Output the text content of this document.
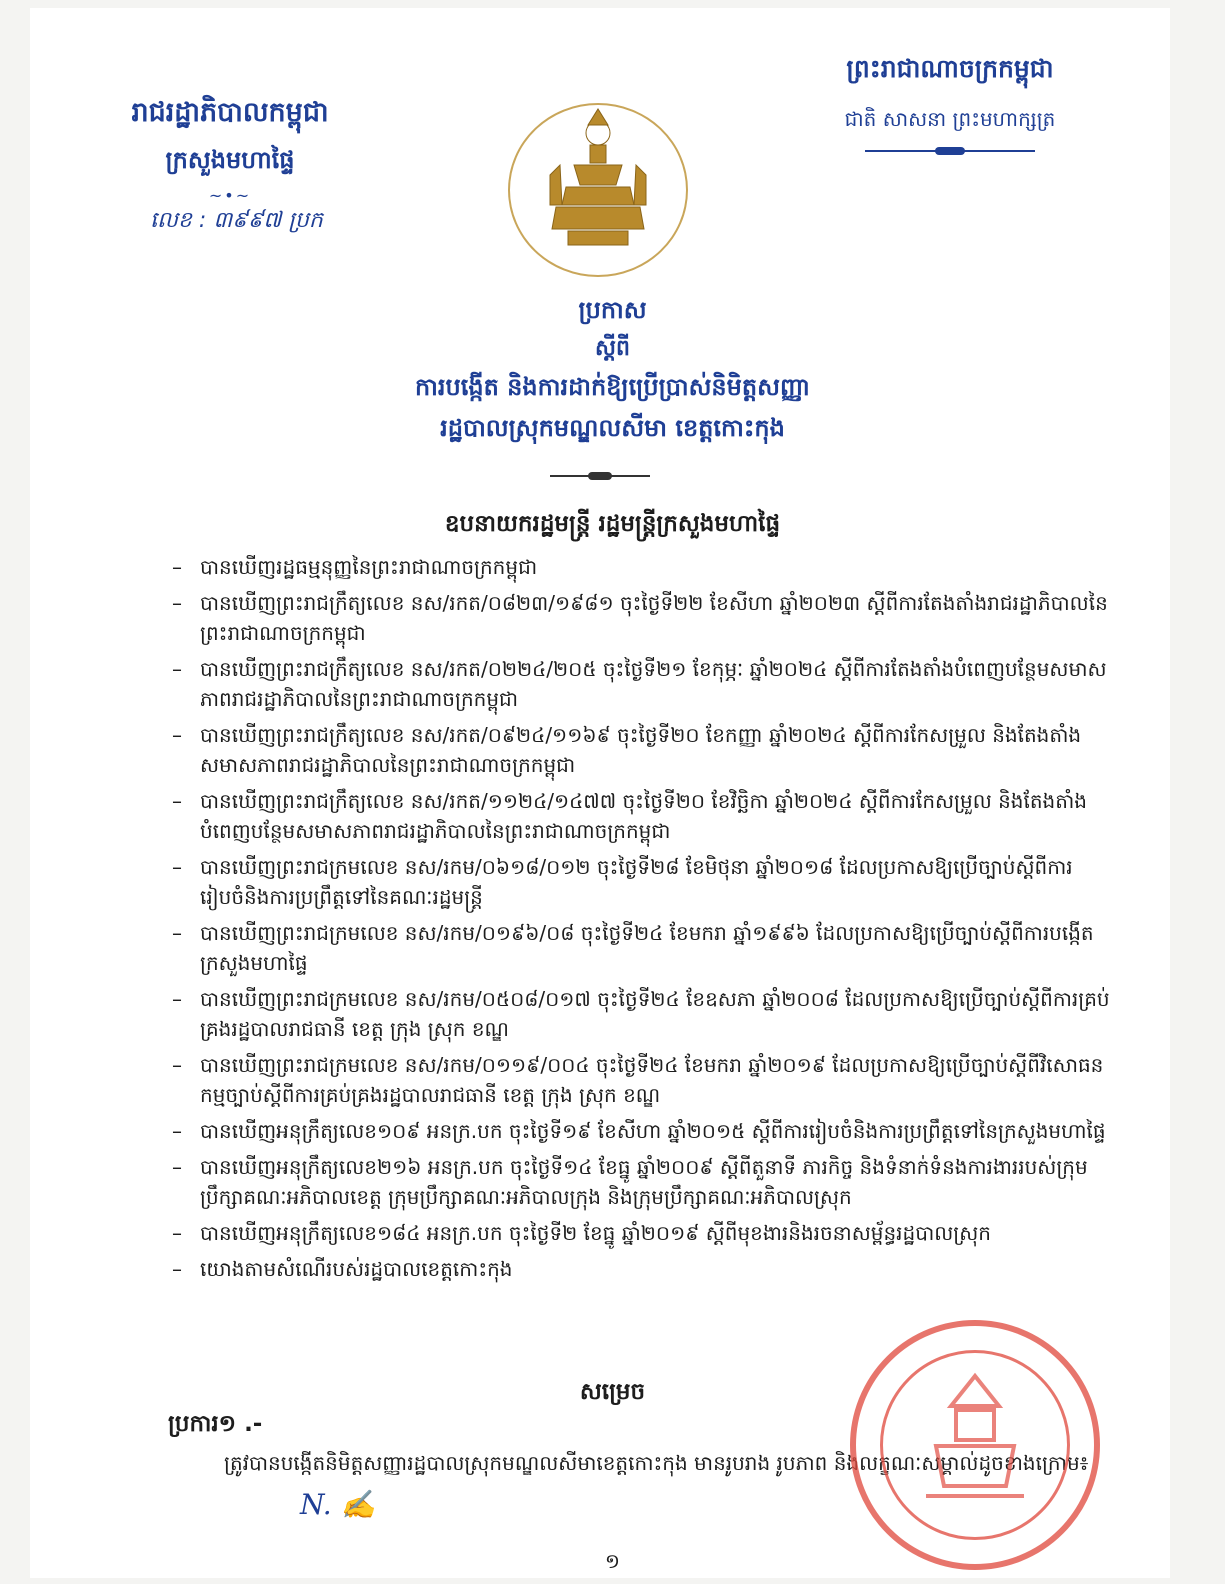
រាជរដ្ឋាភិបាលកម្ពុជា
ក្រសួងមហាផ្ទៃ
~•~
លេខ : ៣៩៩៧ ប្រក
ព្រះរាជាណាចក្រកម្ពុជា
ជាតិ សាសនា ព្រះមហាក្សត្រ
ប្រកាស
ស្តីពី
ការបង្កើត និងការដាក់ឱ្យប្រើប្រាស់និមិត្តសញ្ញា
រដ្ឋបាលស្រុកមណ្ឌលសីមា ខេត្តកោះកុង
ឧបនាយករដ្ឋមន្ត្រី រដ្ឋមន្ត្រីក្រសួងមហាផ្ទៃ
– បានឃើញរដ្ឋធម្មនុញ្ញនៃព្រះរាជាណាចក្រកម្ពុជា
– បានឃើញព្រះរាជក្រឹត្យលេខ នស/រកត/០៨២៣/១៩៨១ ចុះថ្ងៃទី២២ ខែសីហា ឆ្នាំ២០២៣ ស្តីពីការតែងតាំងរាជរដ្ឋាភិបាលនៃព្រះរាជាណាចក្រកម្ពុជា
– បានឃើញព្រះរាជក្រឹត្យលេខ នស/រកត/០២២៤/២០៥ ចុះថ្ងៃទី២១ ខែកុម្ភៈ ឆ្នាំ២០២៤ ស្តីពីការតែងតាំងបំពេញបន្ថែមសមាសភាពរាជរដ្ឋាភិបាលនៃព្រះរាជាណាចក្រកម្ពុជា
– បានឃើញព្រះរាជក្រឹត្យលេខ នស/រកត/០៩២៤/១១៦៩ ចុះថ្ងៃទី២០ ខែកញ្ញា ឆ្នាំ២០២៤ ស្តីពីការកែសម្រួល និងតែងតាំងសមាសភាពរាជរដ្ឋាភិបាលនៃព្រះរាជាណាចក្រកម្ពុជា
– បានឃើញព្រះរាជក្រឹត្យលេខ នស/រកត/១១២៤/១៤៧៧ ចុះថ្ងៃទី២០ ខែវិច្ឆិកា ឆ្នាំ២០២៤ ស្តីពីការកែសម្រួល និងតែងតាំងបំពេញបន្ថែមសមាសភាពរាជរដ្ឋាភិបាលនៃព្រះរាជាណាចក្រកម្ពុជា
– បានឃើញព្រះរាជក្រមលេខ នស/រកម/០៦១៨/០១២ ចុះថ្ងៃទី២៨ ខែមិថុនា ឆ្នាំ២០១៨ ដែលប្រកាសឱ្យប្រើច្បាប់ស្តីពីការរៀបចំនិងការប្រព្រឹត្តទៅនៃគណៈរដ្ឋមន្ត្រី
– បានឃើញព្រះរាជក្រមលេខ នស/រកម/០១៩៦/០៨ ចុះថ្ងៃទី២៤ ខែមករា ឆ្នាំ១៩៩៦ ដែលប្រកាសឱ្យប្រើច្បាប់ស្តីពីការបង្កើតក្រសួងមហាផ្ទៃ
– បានឃើញព្រះរាជក្រមលេខ នស/រកម/០៥០៨/០១៧ ចុះថ្ងៃទី២៤ ខែឧសភា ឆ្នាំ២០០៨ ដែលប្រកាសឱ្យប្រើច្បាប់ស្តីពីការគ្រប់គ្រងរដ្ឋបាលរាជធានី ខេត្ត ក្រុង ស្រុក ខណ្ឌ
– បានឃើញព្រះរាជក្រមលេខ នស/រកម/០១១៩/០០៤ ចុះថ្ងៃទី២៤ ខែមករា ឆ្នាំ២០១៩ ដែលប្រកាសឱ្យប្រើច្បាប់ស្តីពីវិសោធនកម្មច្បាប់ស្តីពីការគ្រប់គ្រងរដ្ឋបាលរាជធានី ខេត្ត ក្រុង ស្រុក ខណ្ឌ
– បានឃើញអនុក្រឹត្យលេខ១០៩ អនក្រ.បក ចុះថ្ងៃទី១៩ ខែសីហា ឆ្នាំ២០១៥ ស្តីពីការរៀបចំនិងការប្រព្រឹត្តទៅនៃក្រសួងមហាផ្ទៃ
– បានឃើញអនុក្រឹត្យលេខ២១៦ អនក្រ.បក ចុះថ្ងៃទី១៤ ខែធ្នូ ឆ្នាំ២០០៩ ស្តីពីតួនាទី ភារកិច្ច និងទំនាក់ទំនងការងាររបស់ក្រុមប្រឹក្សាគណៈអភិបាលខេត្ត ក្រុមប្រឹក្សាគណៈអភិបាលក្រុង និងក្រុមប្រឹក្សាគណៈអភិបាលស្រុក
– បានឃើញអនុក្រឹត្យលេខ១៨៤ អនក្រ.បក ចុះថ្ងៃទី២ ខែធ្នូ ឆ្នាំ២០១៩ ស្តីពីមុខងារនិងរចនាសម្ព័ន្ធរដ្ឋបាលស្រុក
– យោងតាមសំណើរបស់រដ្ឋបាលខេត្តកោះកុង
សម្រេច
ប្រការ១ .-
ត្រូវបានបង្កើតនិមិត្តសញ្ញារដ្ឋបាលស្រុកមណ្ឌលសីមាខេត្តកោះកុង មានរូបរាង រូបភាព និងលក្ខណៈសម្គាល់ដូចខាងក្រោម៖
N. ✍
១
